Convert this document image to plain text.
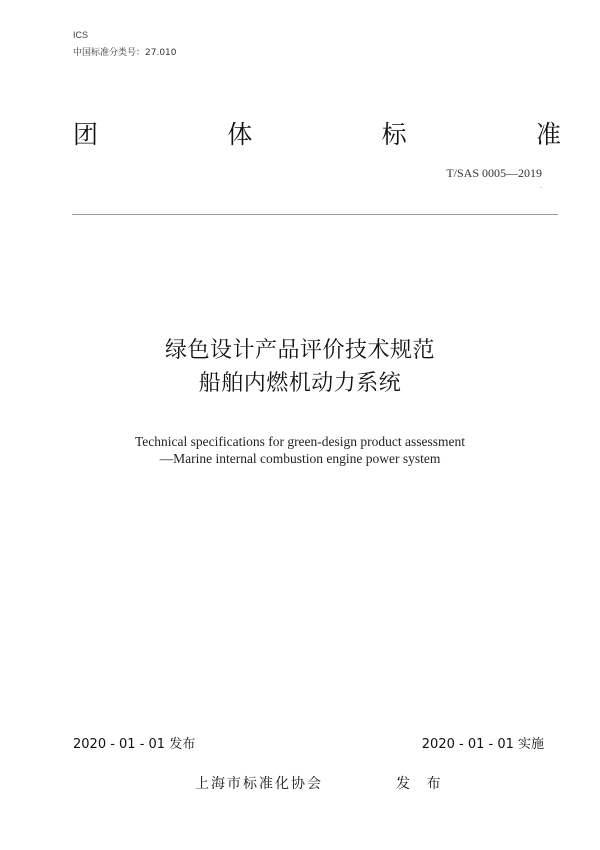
ICS
中国标准分类号：27.010
团	体	标	准
T/SAS 0005—2019
-
绿色设计产品评价技术规范
船舶内燃机动力系统
Technical specifications for green-design product assessment
—Marine internal combustion engine power system
2020 - 01 - 01 发布	2020 - 01 - 01 实施
上海市标准化协会	发 布
